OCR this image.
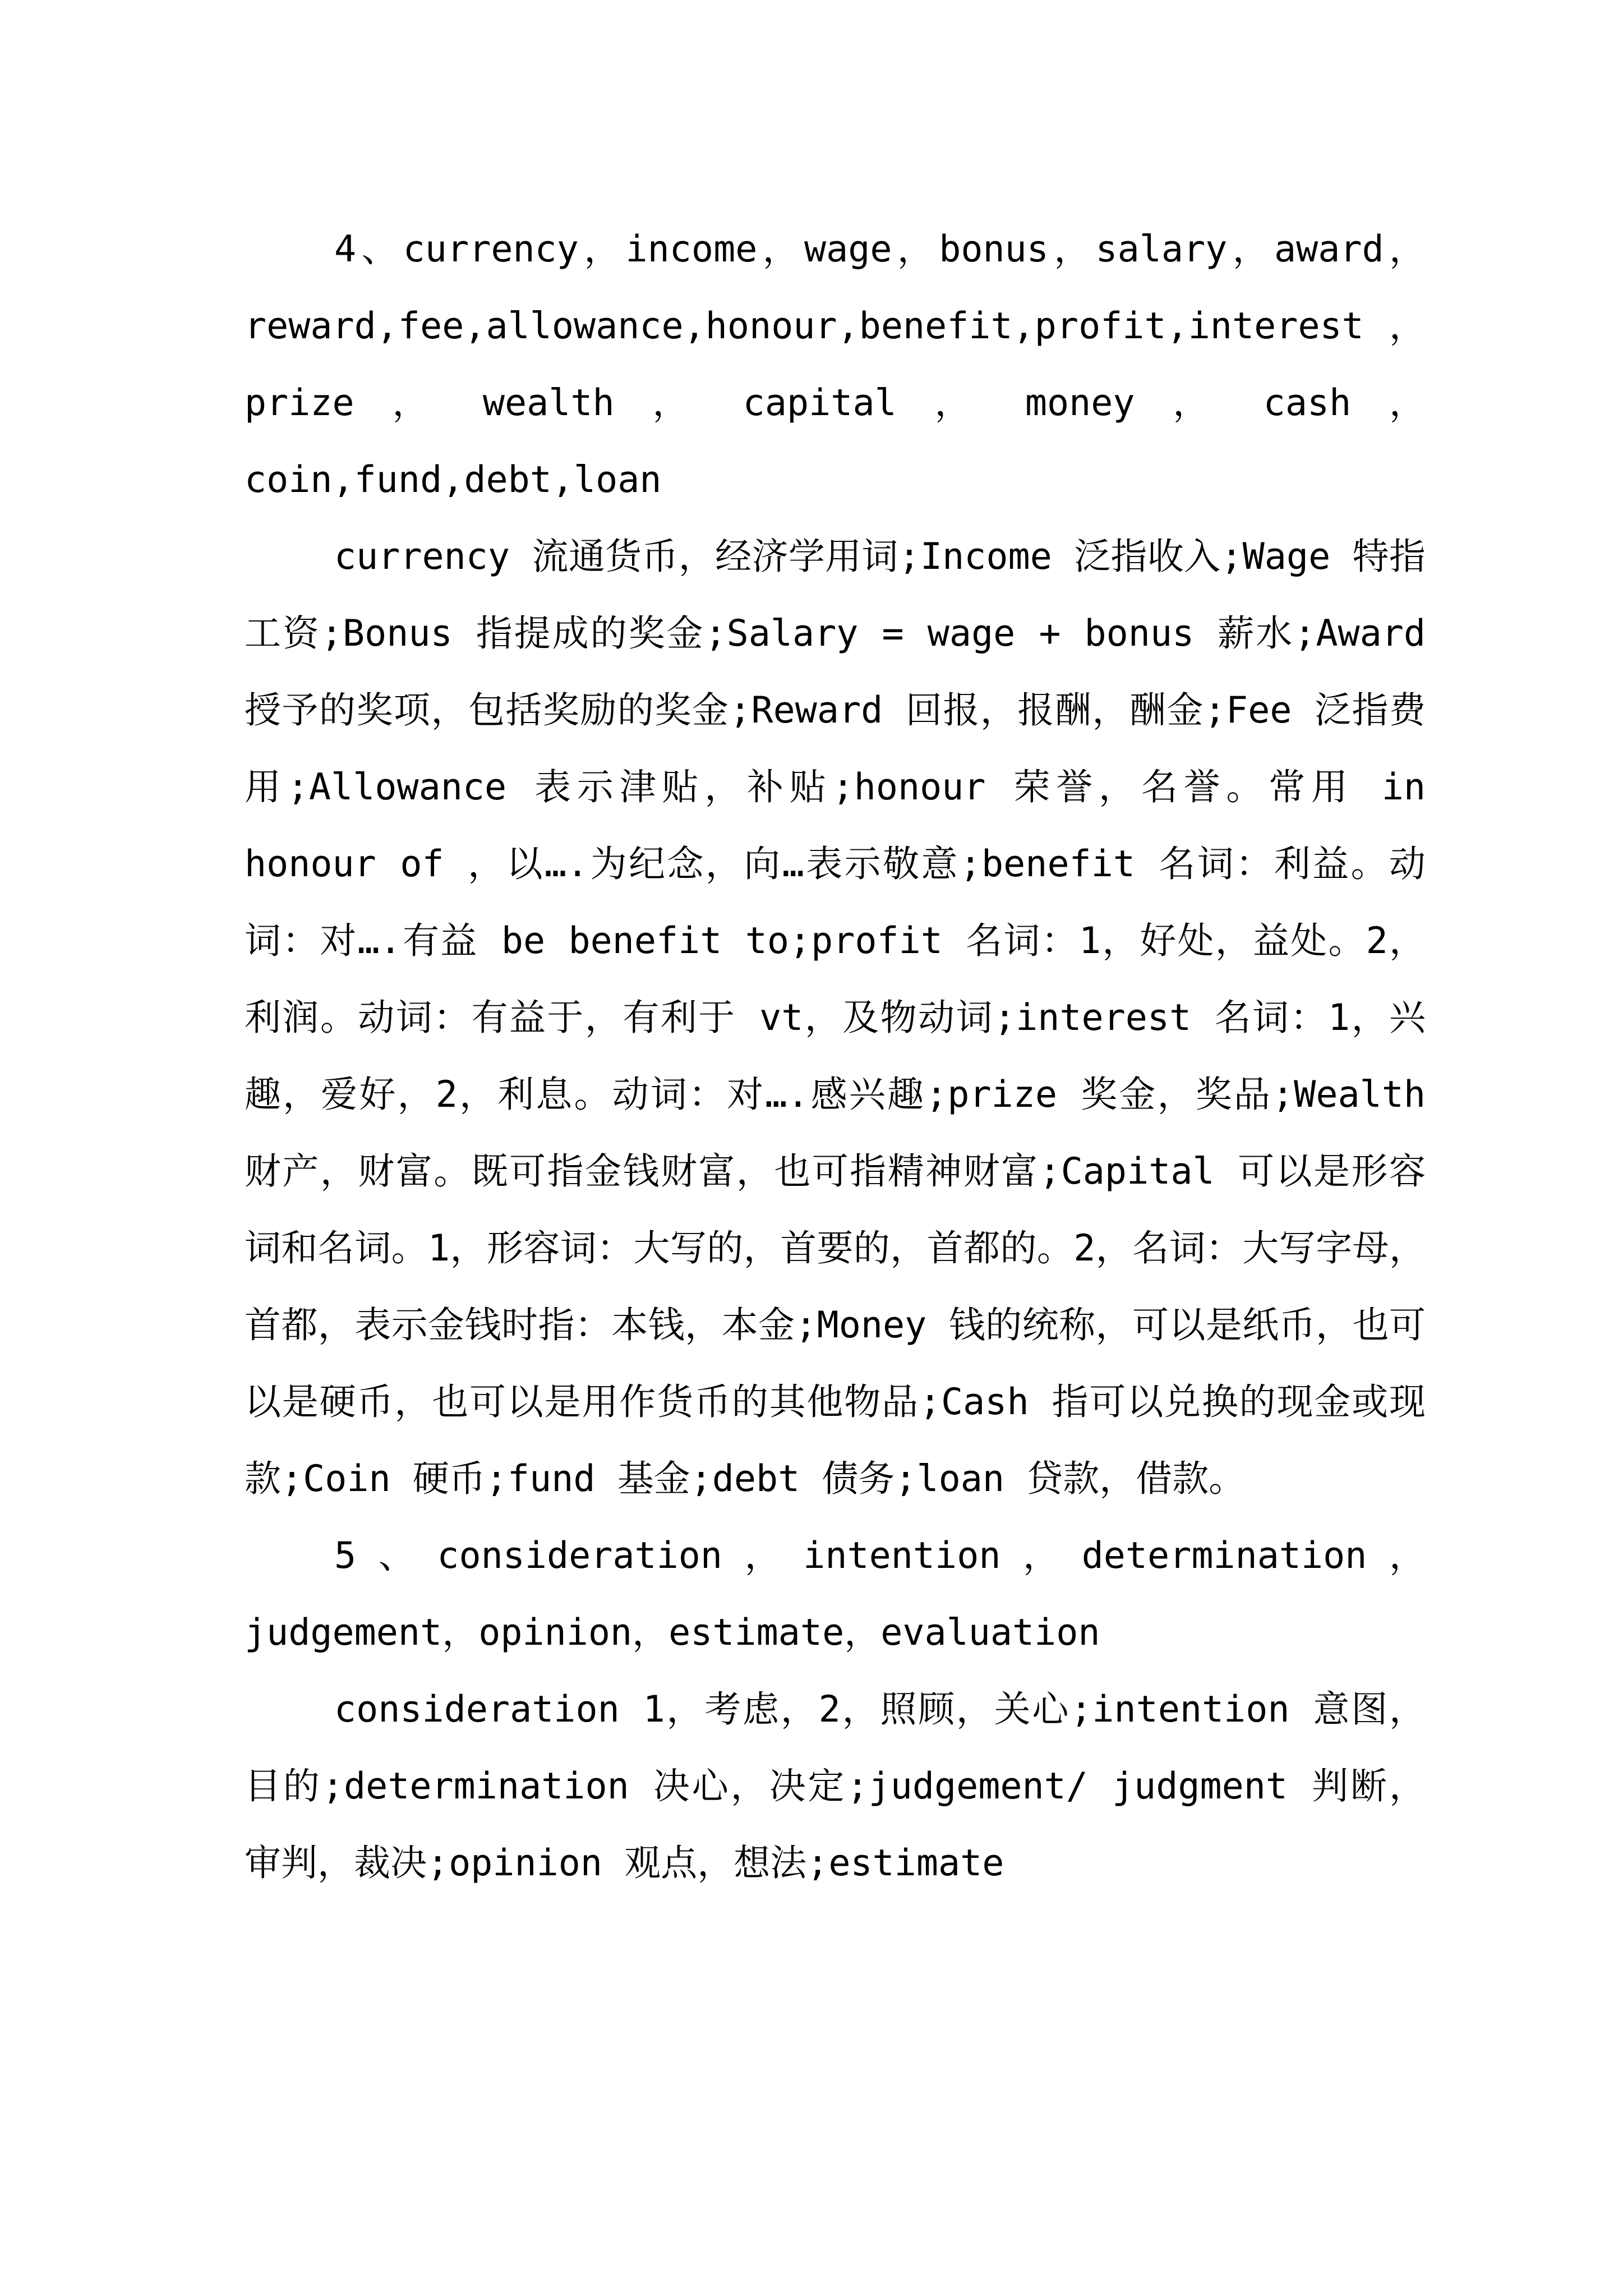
4、currency，income，wage，bonus，salary，award，reward,fee,allowance,honour,benefit,profit,interest，prize ， wealth ， capital ， money ， cash ， coin,fund,debt,loan

currency 流通货币，经济学用词;Income 泛指收入;Wage 特指工资;Bonus 指提成的奖金;Salary = wage + bonus 薪水;Award 授予的奖项，包括奖励的奖金;Reward 回报，报酬，酬金;Fee 泛指费用;Allowance 表示津贴，补贴;honour 荣誉，名誉。常用 in honour of ，以….为纪念，向…表示敬意;benefit 名词：利益。动词：对….有益 be benefit to;profit 名词：1，好处，益处。2，利润。动词：有益于，有利于 vt，及物动词;interest 名词：1，兴趣，爱好，2，利息。动词：对….感兴趣;prize 奖金，奖品;Wealth 财产，财富。既可指金钱财富，也可指精神财富;Capital 可以是形容词和名词。1，形容词：大写的，首要的，首都的。2，名词：大写字母，首都，表示金钱时指：本钱，本金;Money 钱的统称，可以是纸币，也可以是硬币，也可以是用作货币的其他物品;Cash 指可以兑换的现金或现款;Coin 硬币;fund 基金;debt 债务;loan 贷款，借款。

5、consideration，intention，determination，judgement，opinion，estimate，evaluation

consideration 1，考虑，2，照顾，关心;intention 意图，目的;determination 决心，决定;judgement/ judgment 判断，审判，裁决;opinion 观点，想法;estimate
